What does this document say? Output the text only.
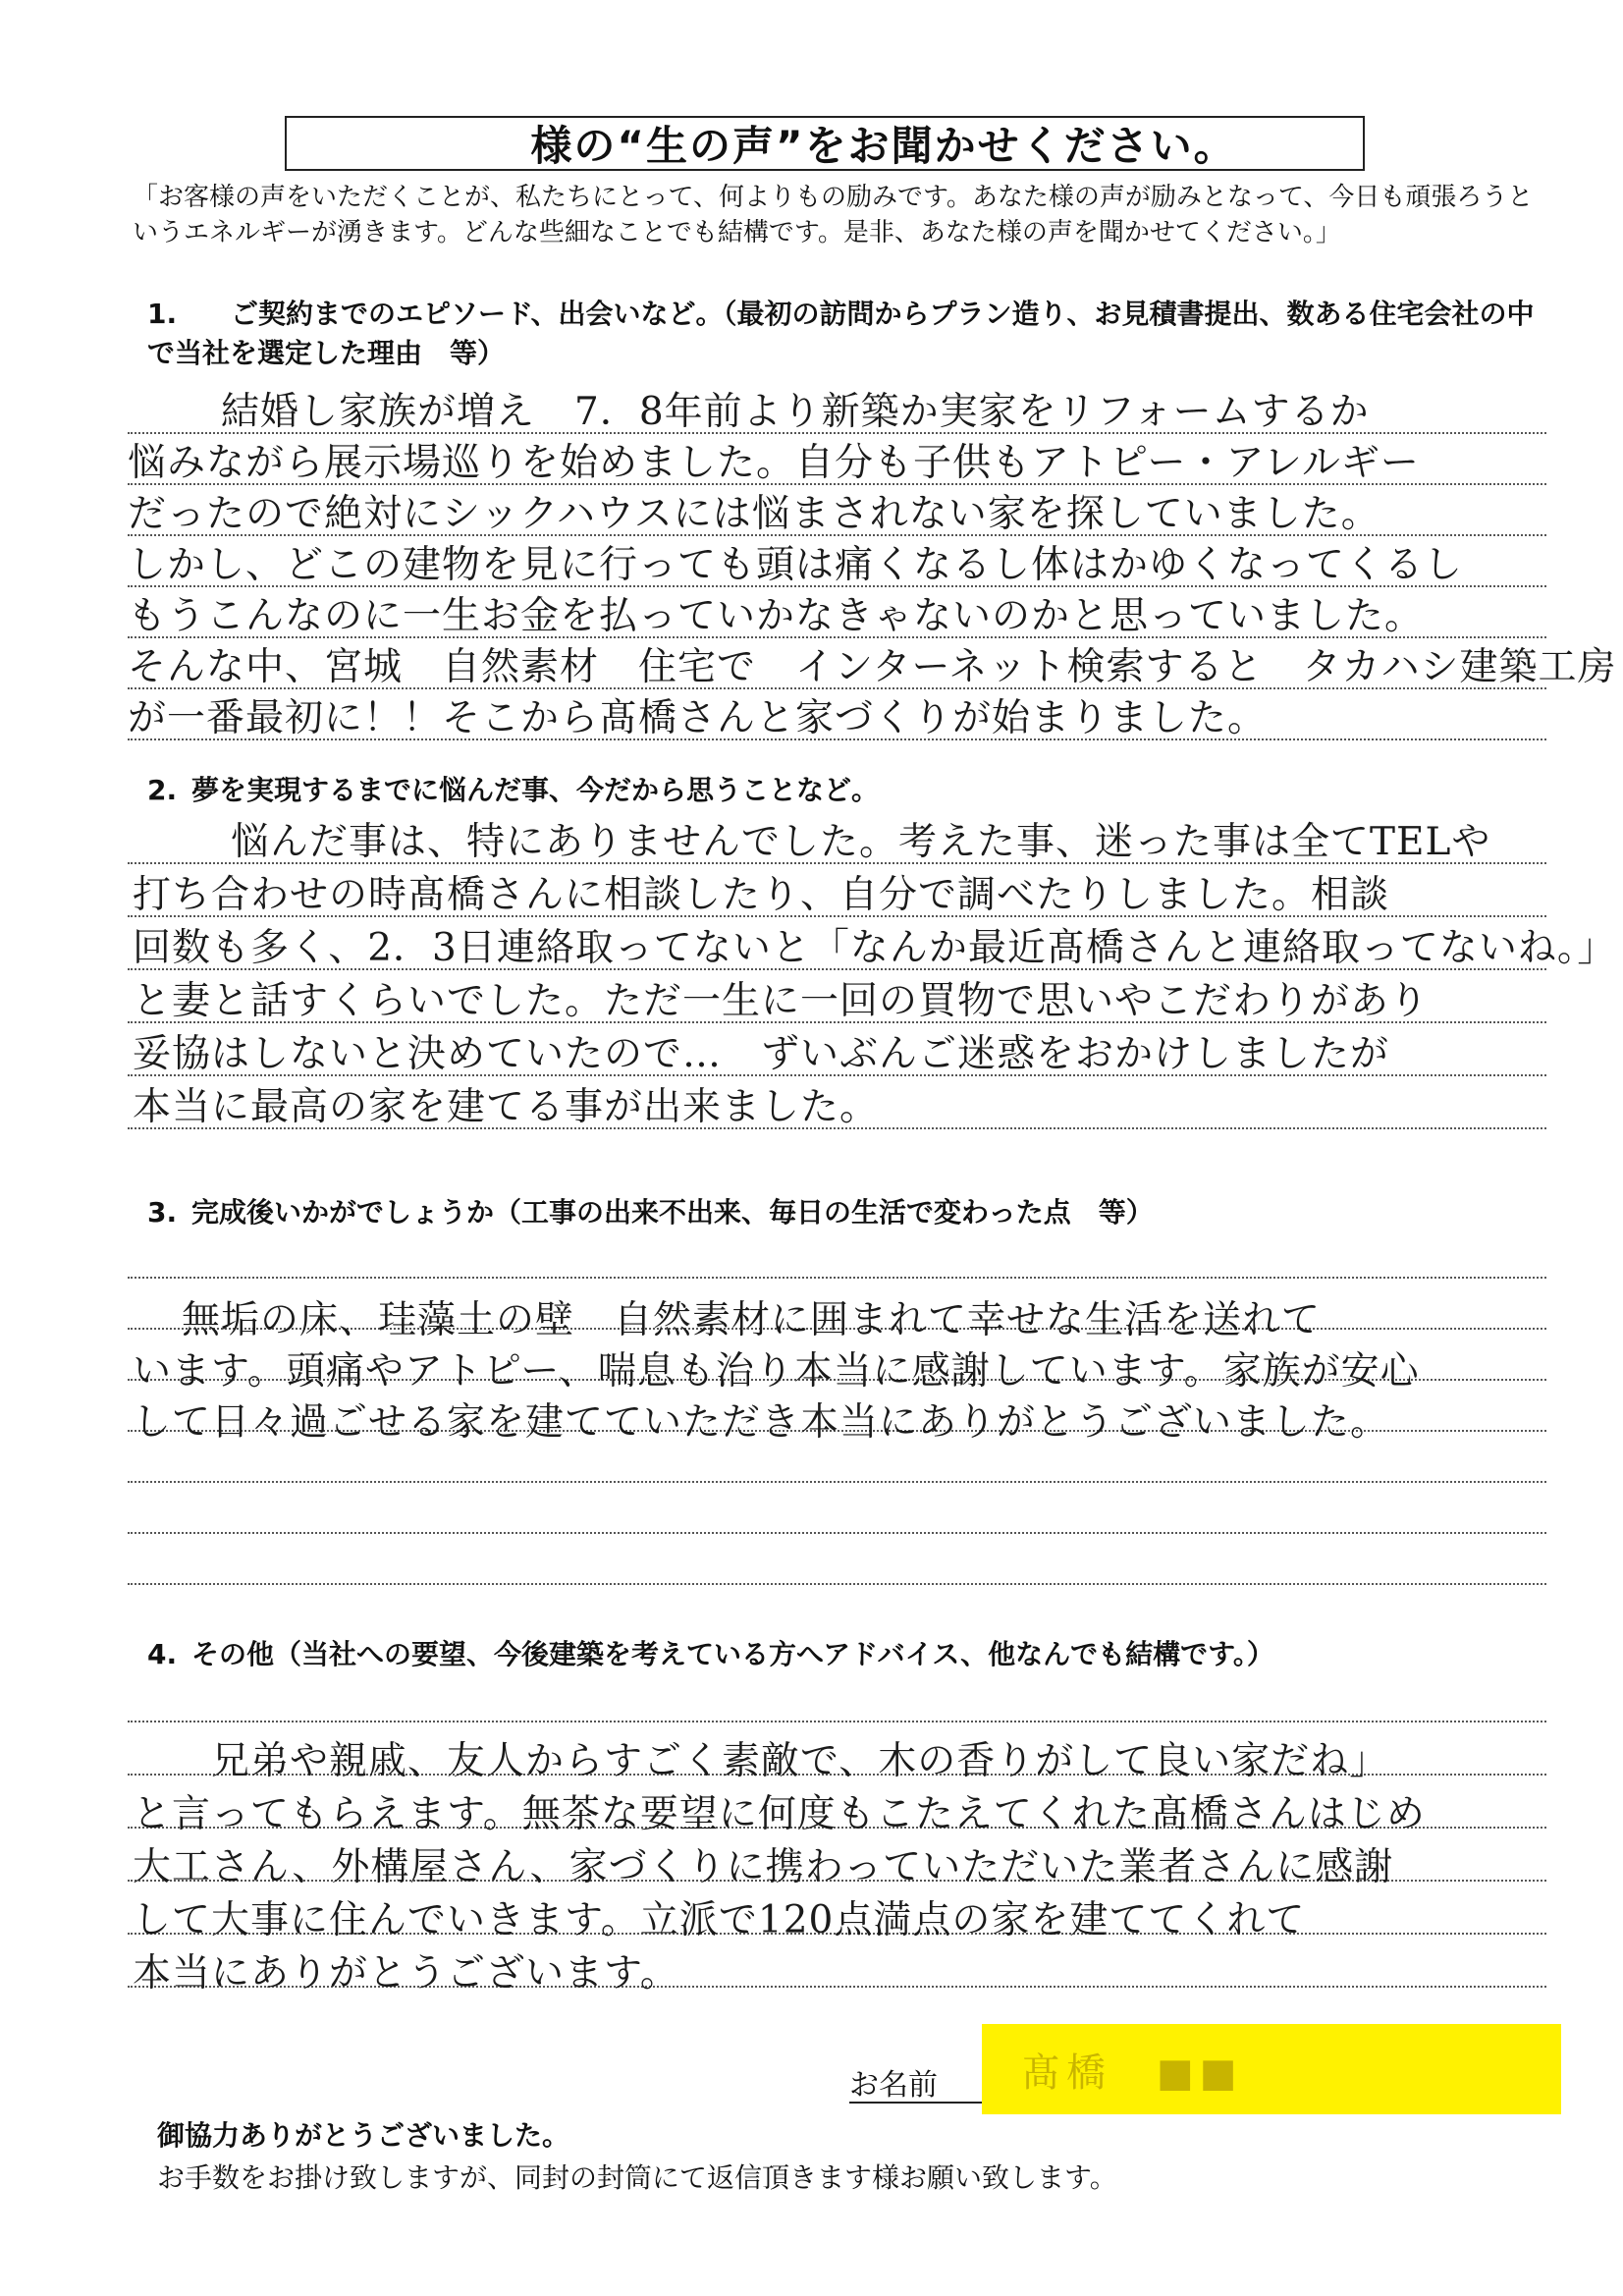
様の“生の声”をお聞かせください。
「お客様の声をいただくことが、私たちにとって、何よりもの励みです。あなた様の声が励みとなって、今日も頑張ろうというエネルギーが湧きます。どんな些細なことでも結構です。是非、あなた様の声を聞かせてください。」
1. ご契約までのエピソード、出会いなど。（最初の訪問からプラン造り、お見積書提出、数ある住宅会社の中で当社を選定した理由　等）
結婚し家族が増え　7．8年前より新築か実家をリフォームするか
悩みながら展示場巡りを始めました。自分も子供もアトピー・アレルギー
だったので絶対にシックハウスには悩まされない家を探していました。
しかし、どこの建物を見に行っても頭は痛くなるし体はかゆくなってくるし
もうこんなのに一生お金を払っていかなきゃないのかと思っていました。
そんな中、宮城　自然素材　住宅で　インターネット検索すると　タカハシ建築工房
が一番最初に！！そこから髙橋さんと家づくりが始まりました。
2. 夢を実現するまでに悩んだ事、今だから思うことなど。
悩んだ事は、特にありませんでした。考えた事、迷った事は全てTELや
打ち合わせの時髙橋さんに相談したり、自分で調べたりしました。相談
回数も多く、2．3日連絡取ってないと「なんか最近髙橋さんと連絡取ってないね。」
と妻と話すくらいでした。ただ一生に一回の買物で思いやこだわりがあり
妥協はしないと決めていたので…　ずいぶんご迷惑をおかけしましたが
本当に最高の家を建てる事が出来ました。
3. 完成後いかがでしょうか（工事の出来不出来、毎日の生活で変わった点　等）
無垢の床、珪藻土の壁　自然素材に囲まれて幸せな生活を送れて
います。頭痛やアトピー、喘息も治り本当に感謝しています。家族が安心
して日々過ごせる家を建てていただき本当にありがとうございました。
4. その他（当社への要望、今後建築を考えている方へアドバイス、他なんでも結構です。）
兄弟や親戚、友人からすごく素敵で、木の香りがして良い家だね」
と言ってもらえます。無茶な要望に何度もこたえてくれた髙橋さんはじめ
大工さん、外構屋さん、家づくりに携わっていただいた業者さんに感謝
して大事に住んでいきます。立派で120点満点の家を建ててくれて
本当にありがとうございます。
お名前 髙橋　■■
御協力ありがとうございました。
お手数をお掛け致しますが、同封の封筒にて返信頂きます様お願い致します。
